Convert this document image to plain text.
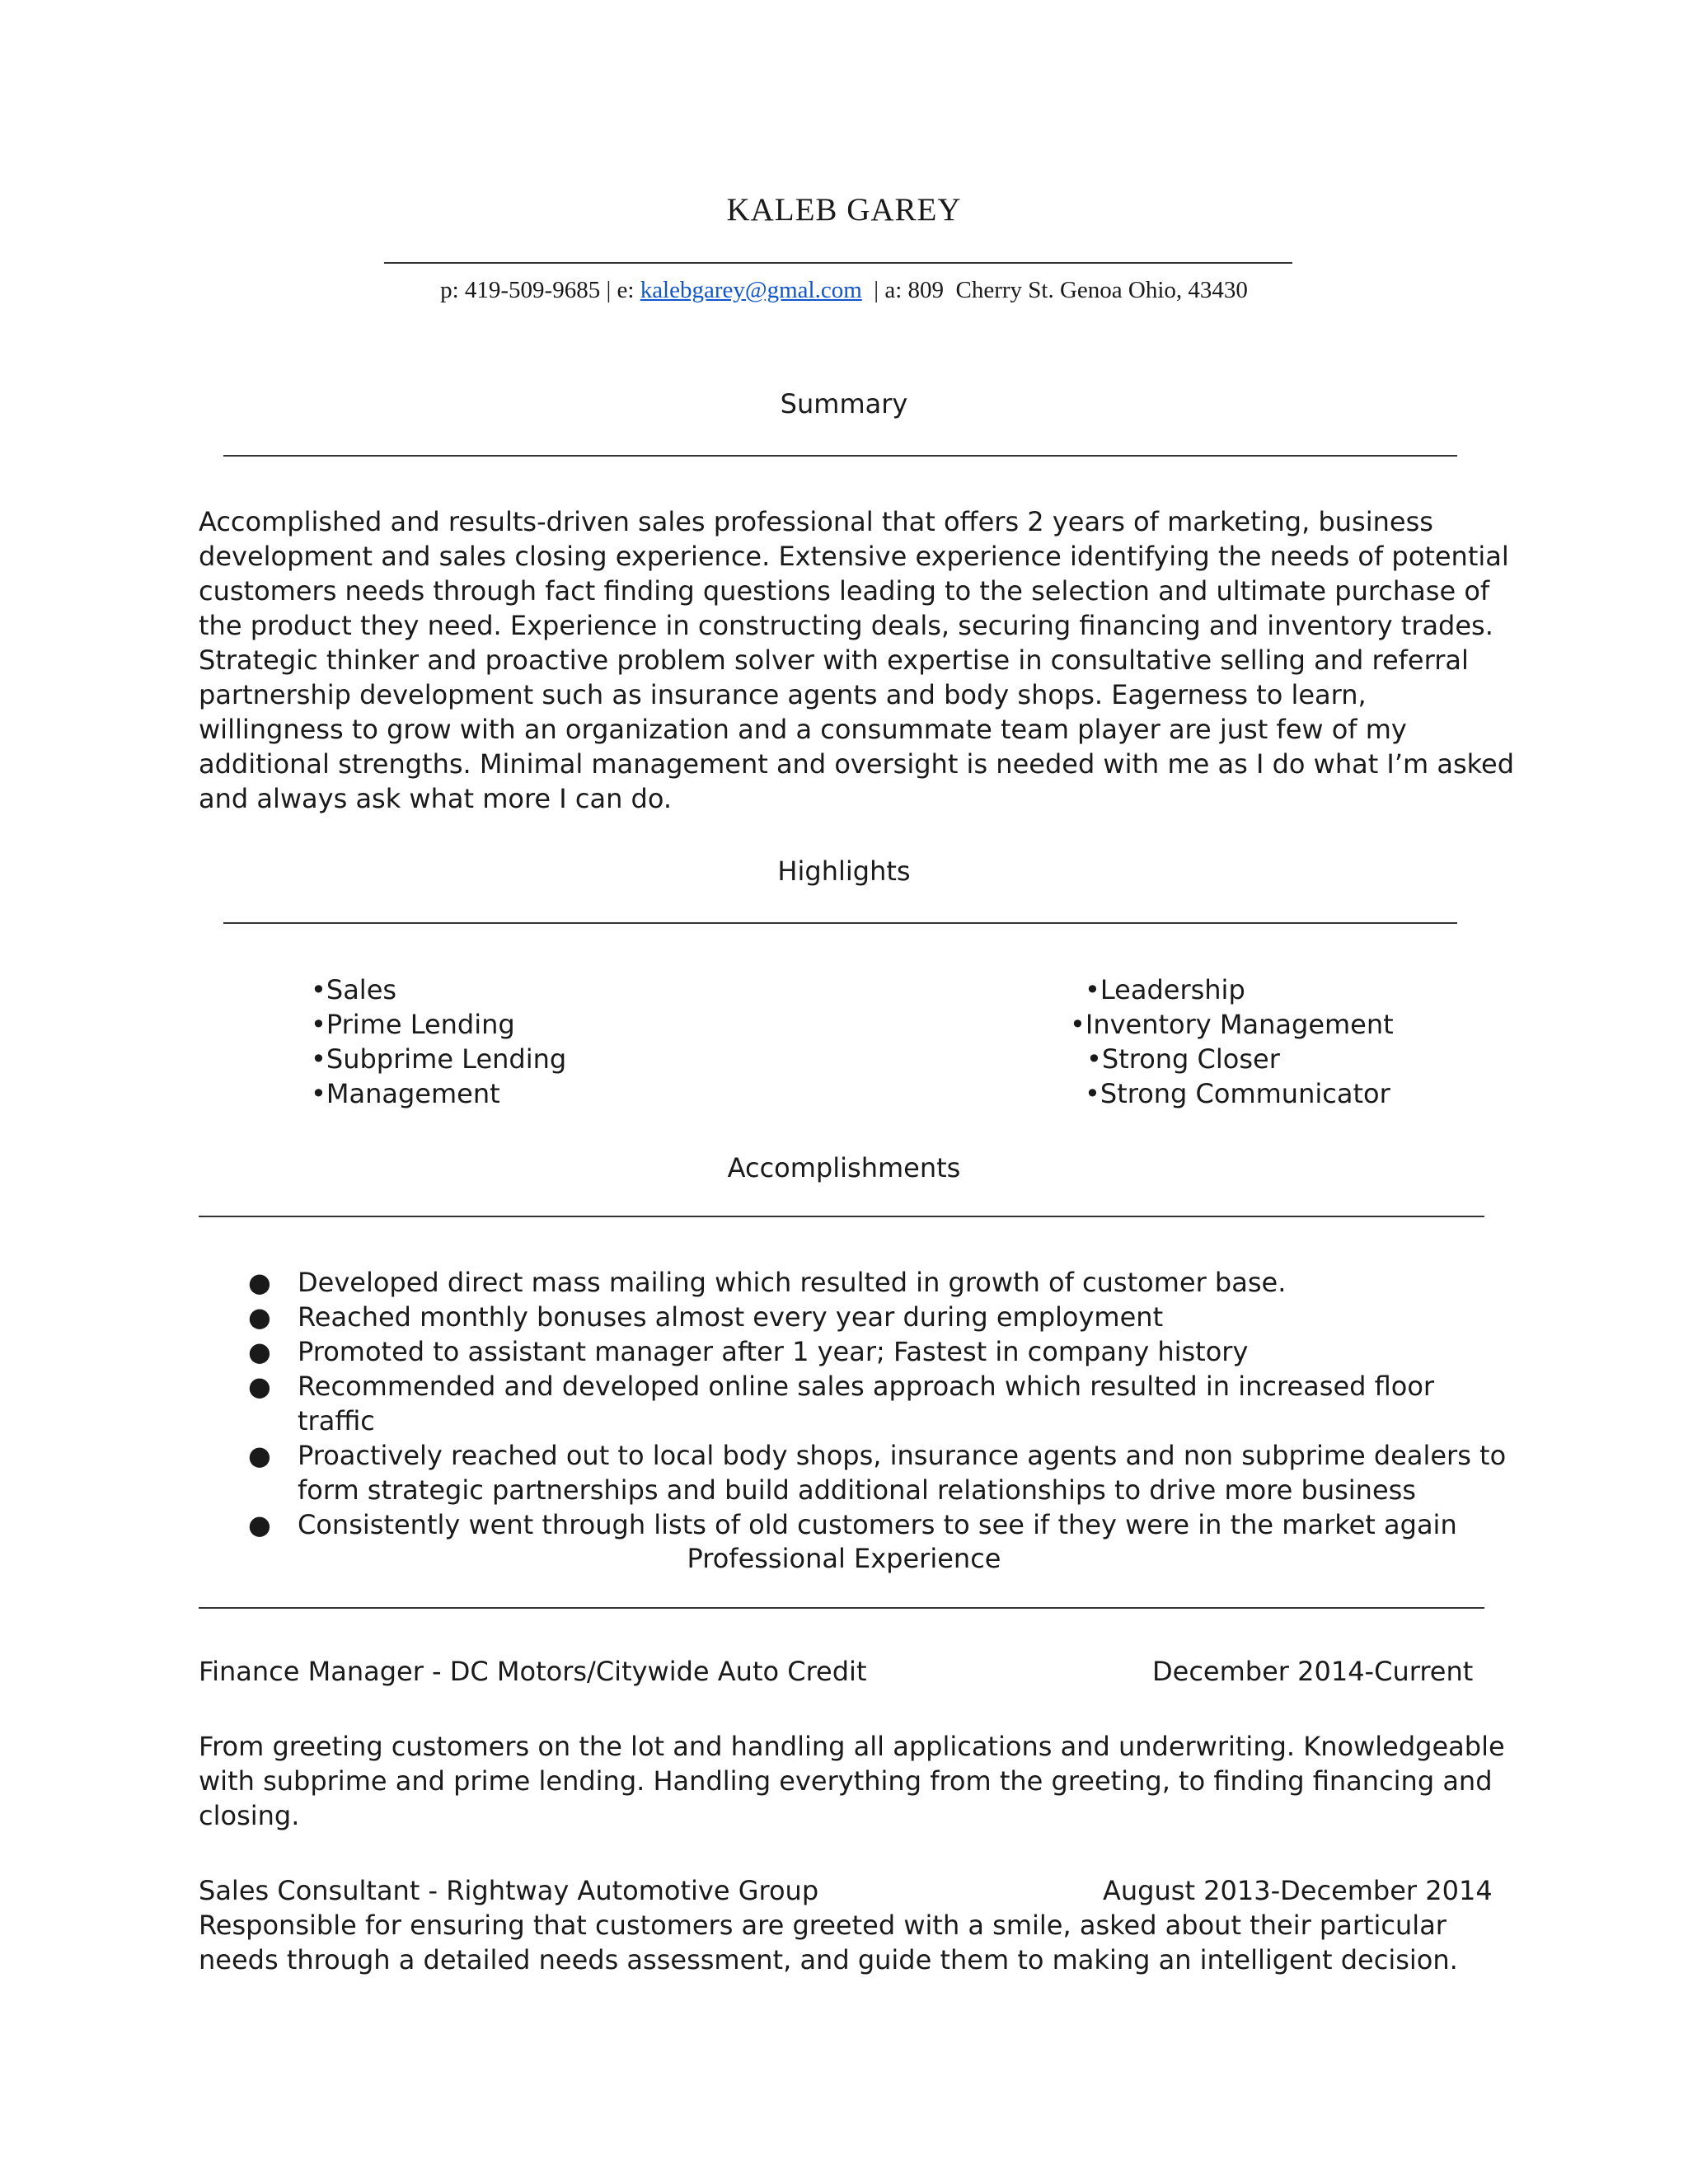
KALEB GAREY
p: 419-509-9685 | e: kalebgarey@gmal.com  | a: 809  Cherry St. Genoa Ohio, 43430
Summary

Accomplished and results-driven sales professional that offers 2 years of marketing, business development and sales closing experience. Extensive experience identifying the needs of potential customers needs through fact finding questions leading to the selection and ultimate purchase of the product they need. Experience in constructing deals, securing financing and inventory trades. Strategic thinker and proactive problem solver with expertise in consultative selling and referral partnership development such as insurance agents and body shops. Eagerness to learn, willingness to grow with an organization and a consummate team player are just few of my additional strengths. Minimal management and oversight is needed with me as I do what I’m asked and always ask what more I can do.

Highlights
•Sales
•Prime Lending
•Subprime Lending
•Management
•Leadership
•Inventory Management
•Strong Closer
•Strong Communicator
Accomplishments
● Developed direct mass mailing which resulted in growth of customer base.
● Reached monthly bonuses almost every year during employment
● Promoted to assistant manager after 1 year; Fastest in company history
● Recommended and developed online sales approach which resulted in increased floor traffic
● Proactively reached out to local body shops, insurance agents and non subprime dealers to form strategic partnerships and build additional relationships to drive more business
● Consistently went through lists of old customers to see if they were in the market again
Professional Experience
Finance Manager - DC Motors/Citywide Auto Credit	December 2014-Current

From greeting customers on the lot and handling all applications and underwriting. Knowledgeable with subprime and prime lending. Handling everything from the greeting, to finding financing and closing.

Sales Consultant - Rightway Automotive Group	August 2013-December 2014

Responsible for ensuring that customers are greeted with a smile, asked about their particular needs through a detailed needs assessment, and guide them to making an intelligent decision.
